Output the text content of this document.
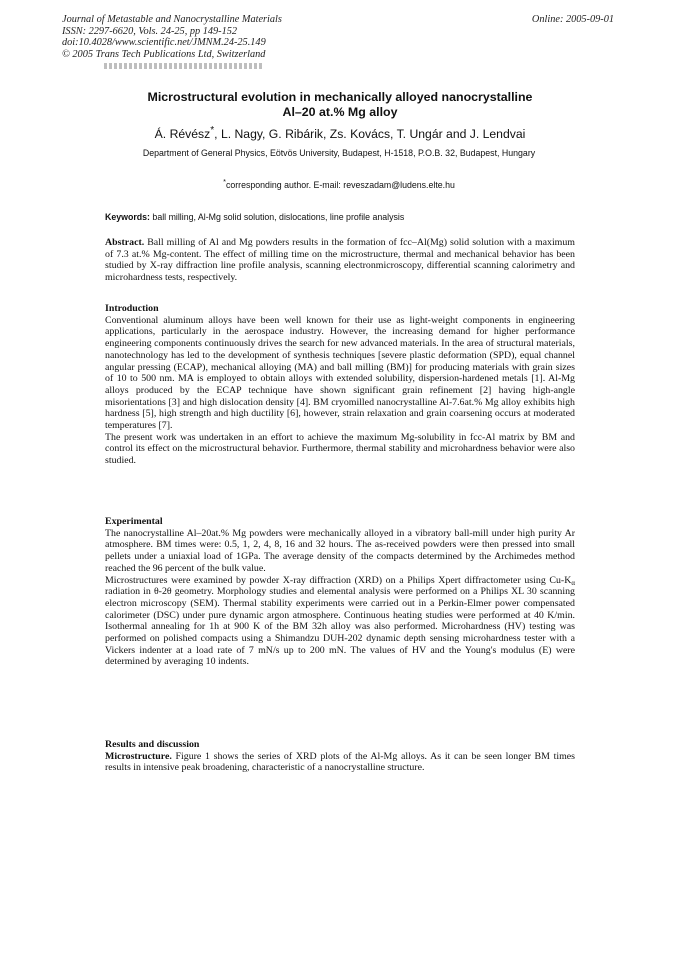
Journal of Metastable and Nanocrystalline Materials
ISSN: 2297-6620, Vols. 24-25, pp 149-152
doi:10.4028/www.scientific.net/JMNM.24-25.149
© 2005 Trans Tech Publications Ltd, Switzerland
Online: 2005-09-01
Microstructural evolution in mechanically alloyed nanocrystalline
Al–20 at.% Mg alloy
Á. Révész*, L. Nagy, G. Ribárik, Zs. Kovács, T. Ungár and J. Lendvai
Department of General Physics, Eötvös University, Budapest, H-1518, P.O.B. 32, Budapest, Hungary
*corresponding author. E-mail: reveszadam@ludens.elte.hu
Keywords: ball milling, Al-Mg solid solution, dislocations, line profile analysis

Abstract. Ball milling of Al and Mg powders results in the formation of fcc–Al(Mg) solid solution with a maximum of 7.3 at.% Mg-content. The effect of milling time on the microstructure, thermal and mechanical behavior has been studied by X-ray diffraction line profile analysis, scanning electronmicroscopy, differential scanning calorimetry and microhardness tests, respectively.

Introduction

Conventional aluminum alloys have been well known for their use as light-weight components in engineering applications, particularly in the aerospace industry. However, the increasing demand for higher performance engineering components continuously drives the search for new advanced materials. In the area of structural materials, nanotechnology has led to the development of synthesis techniques [severe plastic deformation (SPD), equal channel angular pressing (ECAP), mechanical alloying (MA) and ball milling (BM)] for producing materials with grain sizes of 10 to 500 nm. MA is employed to obtain alloys with extended solubility, dispersion-hardened metals [1]. Al-Mg alloys produced by the ECAP technique have shown significant grain refinement [2] having high-angle misorientations [3] and high dislocation density [4]. BM cryomilled nanocrystalline Al-7.6at.% Mg alloy exhibits high hardness [5], high strength and high ductility [6], however, strain relaxation and grain coarsening occurs at moderated temperatures [7].

The present work was undertaken in an effort to achieve the maximum Mg-solubility in fcc-Al matrix by BM and control its effect on the microstructural behavior. Furthermore, thermal stability and microhardness behavior were also studied.

Experimental

The nanocrystalline Al–20at.% Mg powders were mechanically alloyed in a vibratory ball-mill under high purity Ar atmosphere. BM times were: 0.5, 1, 2, 4, 8, 16 and 32 hours. The as-received powders were then pressed into small pellets under a uniaxial load of 1GPa. The average density of the compacts determined by the Archimedes method reached the 96 percent of the bulk value.

Microstructures were examined by powder X-ray diffraction (XRD) on a Philips Xpert diffractometer using $Cu-K_\alpha$ radiation in θ-2θ geometry. Morphology studies and elemental analysis were performed on a Philips XL 30 scanning electron microscopy (SEM). Thermal stability experiments were carried out in a Perkin-Elmer power compensated calorimeter (DSC) under pure dynamic argon atmosphere. Continuous heating studies were performed at 40 K/min. Isothermal annealing for 1h at 900 K of the BM 32h alloy was also performed. Microhardness (HV) testing was performed on polished compacts using a Shimandzu DUH-202 dynamic depth sensing microhardness tester with a Vickers indenter at a load rate of 7 mN/s up to 200 mN. The values of HV and the Young's modulus (E) were determined by averaging 10 indents.

Results and discussion

Microstructure. Figure 1 shows the series of XRD plots of the Al-Mg alloys. As it can be seen longer BM times results in intensive peak broadening, characteristic of a nanocrystalline structure.
